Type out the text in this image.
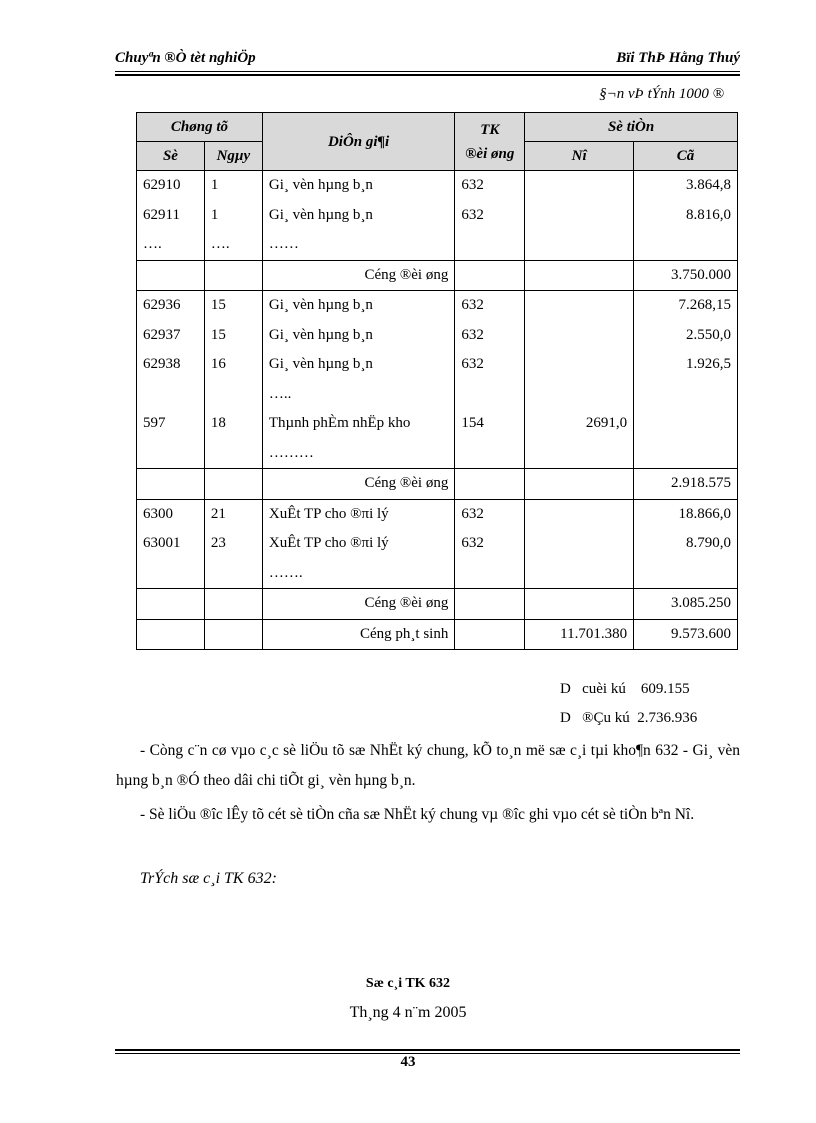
Chuyªn ®Ò tèt nghiÖp	Bïi ThÞ Hằng Thuý
§¬n vÞ tÝnh 1000 ®
Chøng tõ		DiÔn gi¶i	TK
®èi øng	Sè tiÒn	
Sè	Ngµy			Nî	Cã
62910	1	Gi¸ vèn hµng b¸n	632		3.864,8
62911	1	Gi¸ vèn hµng b¸n	632		8.816,0
….	….	……			
		Céng ®èi øng			3.750.000
62936	15	Gi¸ vèn hµng b¸n	632		7.268,15
62937	15	Gi¸ vèn hµng b¸n	632		2.550,0
62938	16	Gi¸ vèn hµng b¸n	632		1.926,5
		…..			
597	18	Thµnh phÈm nhËp kho	154	2691,0	
		………			
		Céng ®èi øng			2.918.575
6300	21	XuÊt TP cho ®πi lý	632		18.866,0
63001	23	XuÊt TP cho ®πi lý	632		8.790,0
		…….			
		Céng ®èi øng			3.085.250
		Céng ph¸t sinh		11.701.380	9.573.600
D   cuèi kú 609.155
D   ®Çu kú 2.736.936
- Còng c¨n cø vµo c¸c sè liÖu tõ sæ NhËt ký chung, kÕ to¸n më sæ c¸i tµi kho¶n 632 - Gi¸ vèn hµng b¸n ®Ó theo dâi chi tiÕt gi¸ vèn hµng b¸n.
- Sè liÖu ®îc lÊy tõ cét sè tiÒn cña sæ NhËt ký chung vµ ®îc ghi vµo cét sè tiÒn bªn Nî.
TrÝch sæ c¸i TK 632:
Sæ c¸i TK 632
Th¸ng 4 n¨m 2005
43
